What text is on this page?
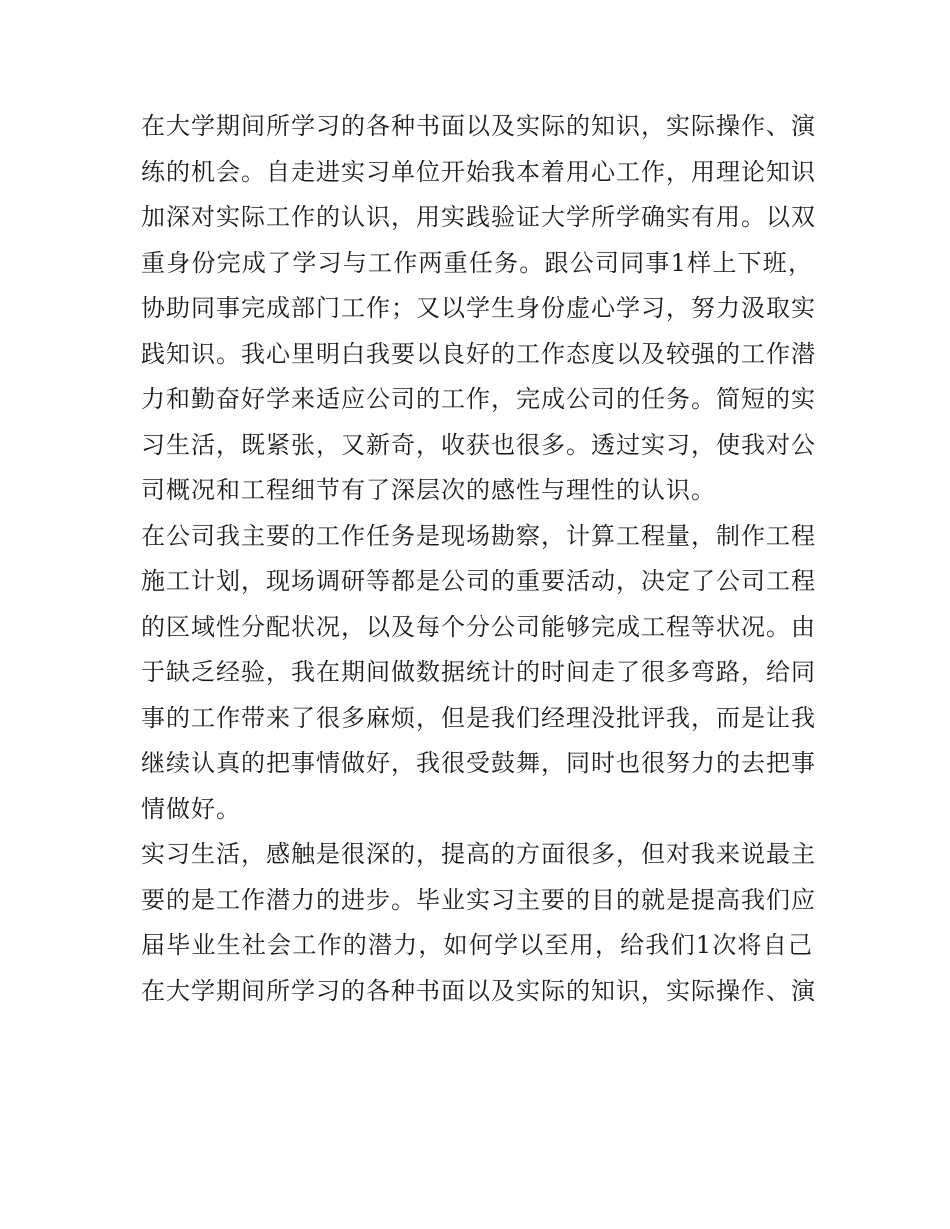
在大学期间所学习的各种书面以及实际的知识，实际操作、演
练的机会。自走进实习单位开始我本着用心工作，用理论知识
加深对实际工作的认识，用实践验证大学所学确实有用。以双
重身份完成了学习与工作两重任务。跟公司同事1样上下班，
协助同事完成部门工作；又以学生身份虚心学习，努力汲取实
践知识。我心里明白我要以良好的工作态度以及较强的工作潜
力和勤奋好学来适应公司的工作，完成公司的任务。简短的实
习生活，既紧张，又新奇，收获也很多。透过实习，使我对公
司概况和工程细节有了深层次的感性与理性的认识。
在公司我主要的工作任务是现场勘察，计算工程量，制作工程
施工计划，现场调研等都是公司的重要活动，决定了公司工程
的区域性分配状况，以及每个分公司能够完成工程等状况。由
于缺乏经验，我在期间做数据统计的时间走了很多弯路，给同
事的工作带来了很多麻烦，但是我们经理没批评我，而是让我
继续认真的把事情做好，我很受鼓舞，同时也很努力的去把事
情做好。
实习生活，感触是很深的，提高的方面很多，但对我来说最主
要的是工作潜力的进步。毕业实习主要的目的就是提高我们应
届毕业生社会工作的潜力，如何学以至用，给我们1次将自己
在大学期间所学习的各种书面以及实际的知识，实际操作、演
